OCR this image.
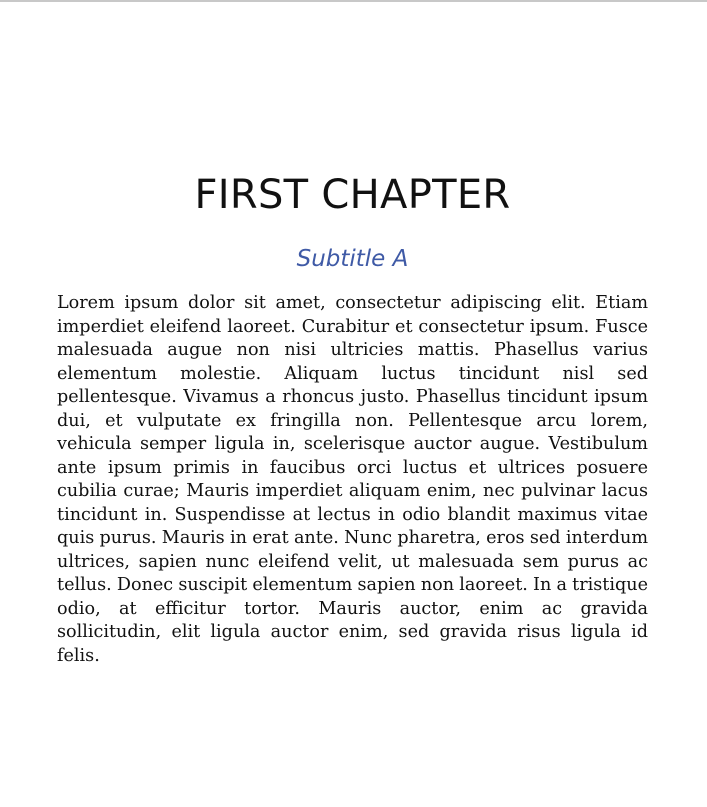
FIRST CHAPTER
Subtitle A

Lorem ipsum dolor sit amet, consectetur adipiscing elit. Etiam imperdiet eleifend laoreet. Curabitur et consectetur ipsum. Fusce malesuada augue non nisi ultricies mattis. Phasellus varius elementum molestie. Aliquam luctus tincidunt nisl sed pellentesque. Vivamus a rhoncus justo. Phasellus tincidunt ipsum dui, et vulputate ex fringilla non. Pellentesque arcu lorem, vehicula semper ligula in, scelerisque auctor augue. Vestibulum ante ipsum primis in faucibus orci luctus et ultrices posuere cubilia curae; Mauris imperdiet aliquam enim, nec pulvinar lacus tincidunt in. Suspendisse at lectus in odio blandit maximus vitae quis purus. Mauris in erat ante. Nunc pharetra, eros sed interdum ultrices, sapien nunc eleifend velit, ut malesuada sem purus ac tellus. Donec suscipit elementum sapien non laoreet. In a tristique odio, at efficitur tortor. Mauris auctor, enim ac gravida sollicitudin, elit ligula auctor enim, sed gravida risus ligula id felis.
